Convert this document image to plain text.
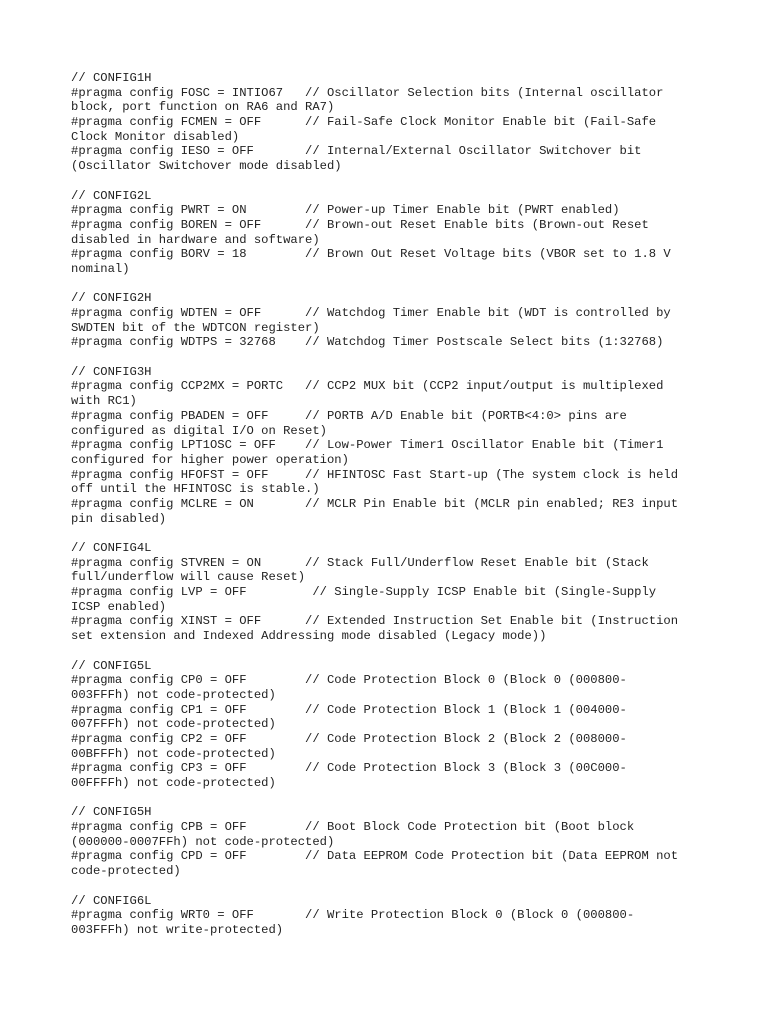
// CONFIG1H
#pragma config FOSC = INTIO67   // Oscillator Selection bits (Internal oscillator
block, port function on RA6 and RA7)
#pragma config FCMEN = OFF      // Fail-Safe Clock Monitor Enable bit (Fail-Safe
Clock Monitor disabled)
#pragma config IESO = OFF       // Internal/External Oscillator Switchover bit
(Oscillator Switchover mode disabled)
// CONFIG2L
#pragma config PWRT = ON        // Power-up Timer Enable bit (PWRT enabled)
#pragma config BOREN = OFF      // Brown-out Reset Enable bits (Brown-out Reset
disabled in hardware and software)
#pragma config BORV = 18        // Brown Out Reset Voltage bits (VBOR set to 1.8 V
nominal)
// CONFIG2H
#pragma config WDTEN = OFF      // Watchdog Timer Enable bit (WDT is controlled by
SWDTEN bit of the WDTCON register)
#pragma config WDTPS = 32768    // Watchdog Timer Postscale Select bits (1:32768)
// CONFIG3H
#pragma config CCP2MX = PORTC   // CCP2 MUX bit (CCP2 input/output is multiplexed
with RC1)
#pragma config PBADEN = OFF     // PORTB A/D Enable bit (PORTB<4:0> pins are
configured as digital I/O on Reset)
#pragma config LPT1OSC = OFF    // Low-Power Timer1 Oscillator Enable bit (Timer1
configured for higher power operation)
#pragma config HFOFST = OFF     // HFINTOSC Fast Start-up (The system clock is held
off until the HFINTOSC is stable.)
#pragma config MCLRE = ON       // MCLR Pin Enable bit (MCLR pin enabled; RE3 input
pin disabled)
// CONFIG4L
#pragma config STVREN = ON      // Stack Full/Underflow Reset Enable bit (Stack
full/underflow will cause Reset)
#pragma config LVP = OFF         // Single-Supply ICSP Enable bit (Single-Supply
ICSP enabled)
#pragma config XINST = OFF      // Extended Instruction Set Enable bit (Instruction
set extension and Indexed Addressing mode disabled (Legacy mode))
// CONFIG5L
#pragma config CP0 = OFF        // Code Protection Block 0 (Block 0 (000800-
003FFFh) not code-protected)
#pragma config CP1 = OFF        // Code Protection Block 1 (Block 1 (004000-
007FFFh) not code-protected)
#pragma config CP2 = OFF        // Code Protection Block 2 (Block 2 (008000-
00BFFFh) not code-protected)
#pragma config CP3 = OFF        // Code Protection Block 3 (Block 3 (00C000-
00FFFFh) not code-protected)
// CONFIG5H
#pragma config CPB = OFF        // Boot Block Code Protection bit (Boot block
(000000-0007FFh) not code-protected)
#pragma config CPD = OFF        // Data EEPROM Code Protection bit (Data EEPROM not
code-protected)
// CONFIG6L
#pragma config WRT0 = OFF       // Write Protection Block 0 (Block 0 (000800-
003FFFh) not write-protected)
